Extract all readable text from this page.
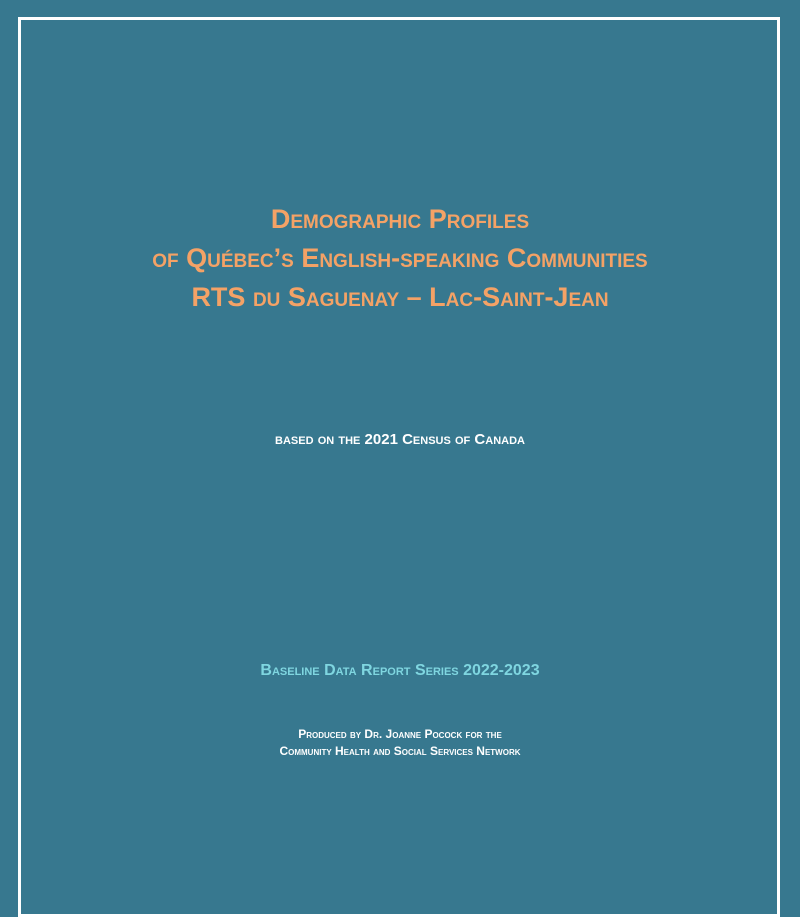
Demographic Profiles
of Québec’s English-speaking Communities
RTS du Saguenay – Lac-Saint-Jean
based on the 2021 Census of Canada
Baseline Data Report Series 2022-2023
Produced by Dr. Joanne Pocock for the
Community Health and Social Services Network
